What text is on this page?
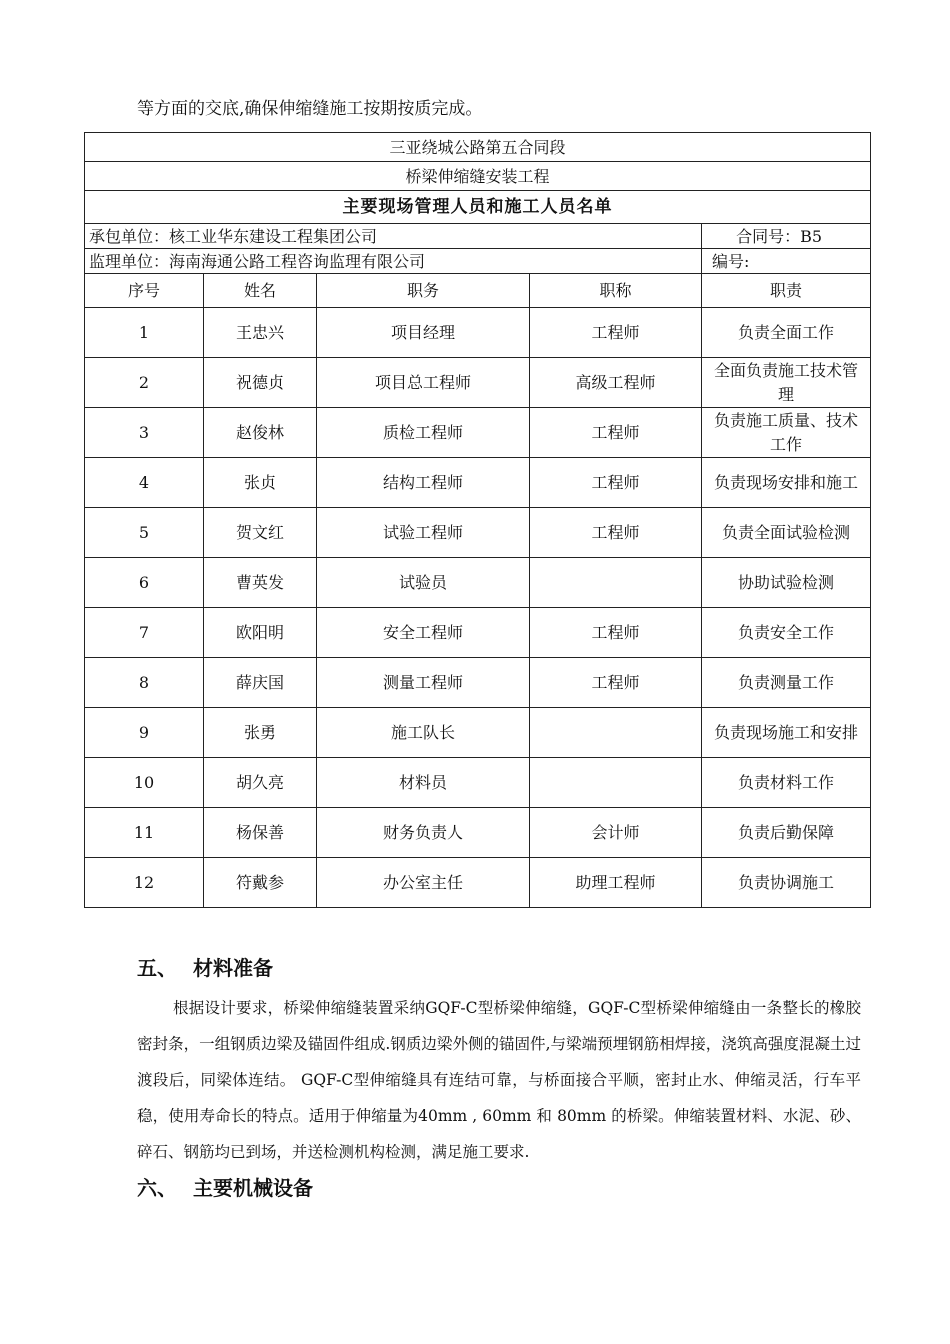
等方面的交底,确保伸缩缝施工按期按质完成。
三亚绕城公路第五合同段				
桥梁伸缩缝安装工程				
主要现场管理人员和施工人员名单				
承包单位：核工业华东建设工程集团公司				合同号：B5
监理单位：海南海通公路工程咨询监理有限公司				编号:
序号	姓名	职务	职称	职责
1	王忠兴	项目经理	工程师	负责全面工作
2	祝德贞	项目总工程师	高级工程师	全面负责施工技术管理
3	赵俊林	质检工程师	工程师	负责施工质量、技术工作
4	张贞	结构工程师	工程师	负责现场安排和施工
5	贺文红	试验工程师	工程师	负责全面试验检测
6	曹英发	试验员		协助试验检测
7	欧阳明	安全工程师	工程师	负责安全工作
8	薛庆国	测量工程师	工程师	负责测量工作
9	张勇	施工队长		负责现场施工和安排
10	胡久亮	材料员		负责材料工作
11	杨保善	财务负责人	会计师	负责后勤保障
12	符戴参	办公室主任	助理工程师	负责协调施工
五、 材料准备
根据设计要求，桥梁伸缩缝装置采纳GQF-C型桥梁伸缩缝，GQF-C型桥梁伸缩缝由一条整长的橡胶密封条，一组钢质边梁及锚固件组成.钢质边梁外侧的锚固件,与梁端预埋钢筋相焊接，浇筑高强度混凝土过渡段后，同梁体连结。 GQF-C型伸缩缝具有连结可靠，与桥面接合平顺，密封止水、伸缩灵活，行车平稳，使用寿命长的特点。适用于伸缩量为40mm , 60mm 和 80mm 的桥梁。伸缩装置材料、水泥、砂、碎石、钢筋均已到场，并送检测机构检测，满足施工要求.
六、 主要机械设备
